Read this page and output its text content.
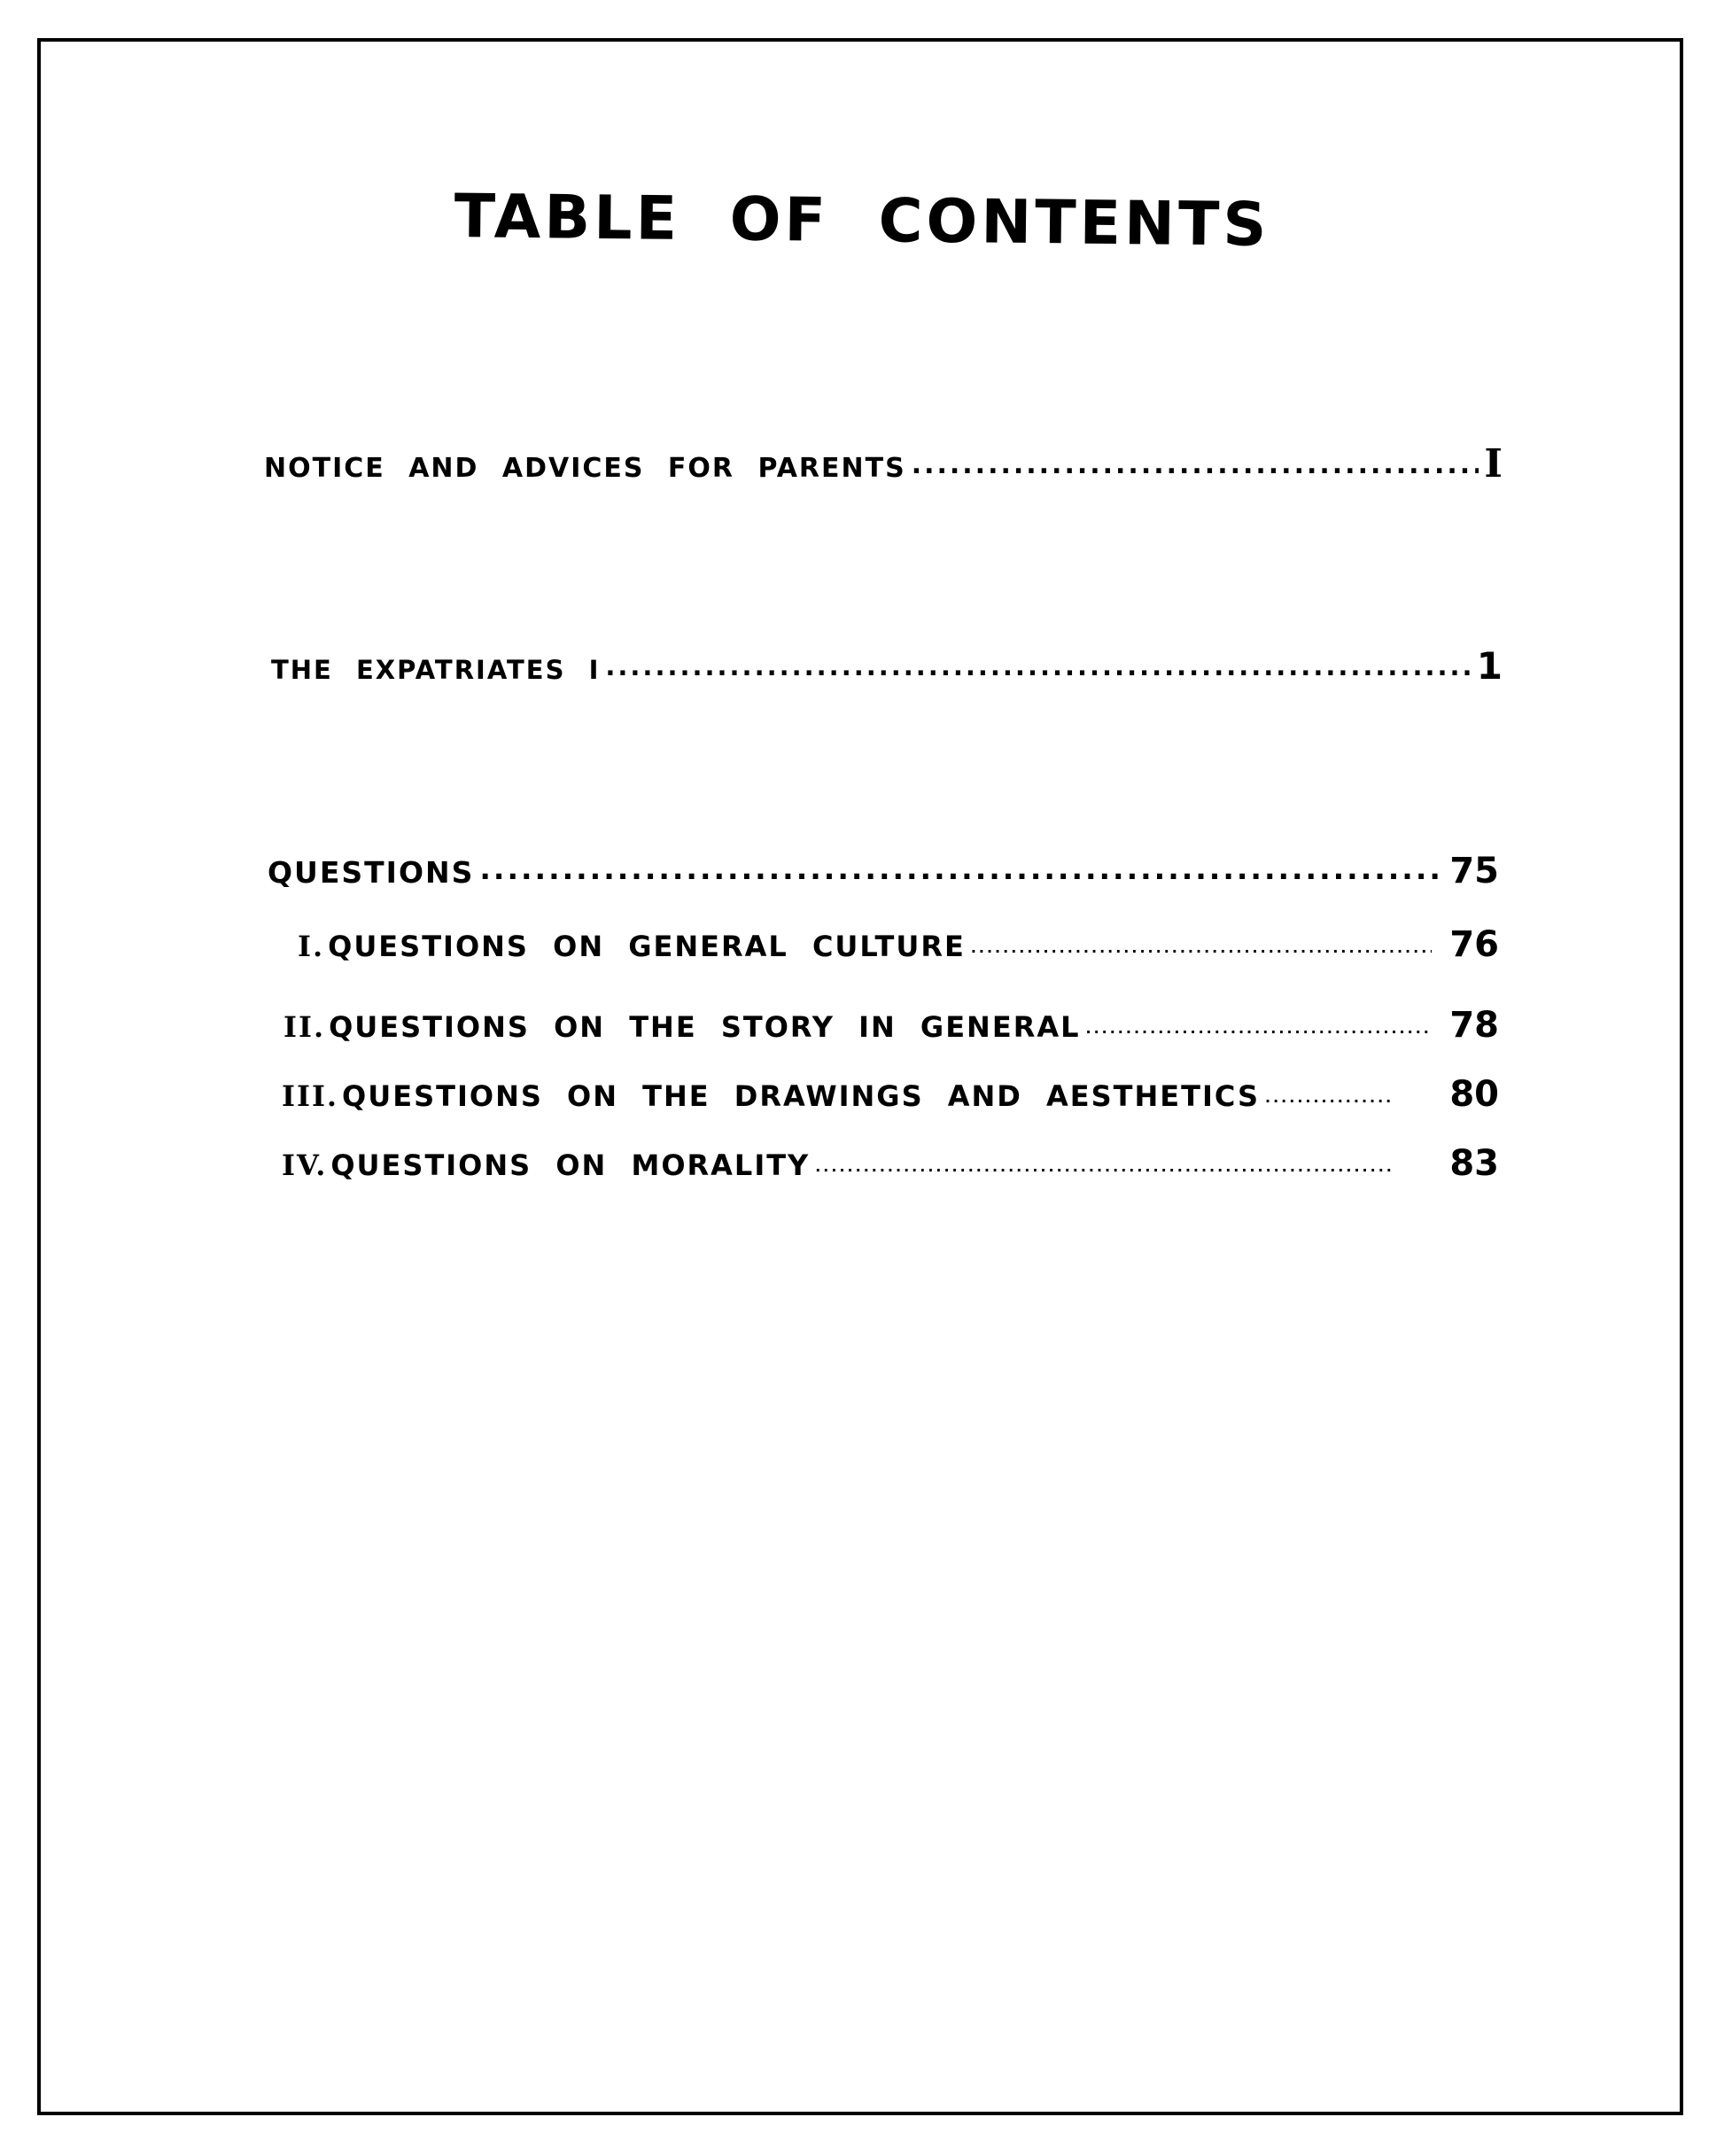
TABLE OF CONTENTS
NOTICE AND ADVICES FOR PARENTS .....	I
THE EXPATRIATES I .....	1
QUESTIONS .....	75
I. QUESTIONS ON GENERAL CULTURE .....	76
II. QUESTIONS ON THE STORY IN GENERAL .....	78
III. QUESTIONS ON THE DRAWINGS AND AESTHETICS .....	80
IV. QUESTIONS ON MORALITY .....	83
